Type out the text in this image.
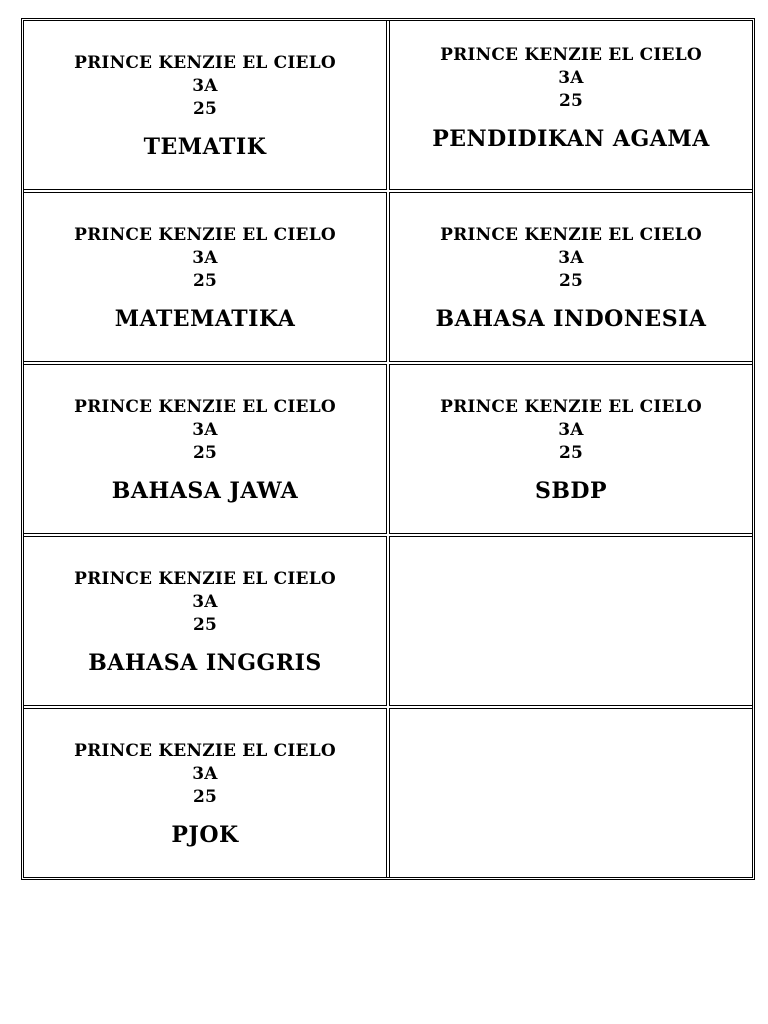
PRINCE KENZIE EL CIELO
3A
25
TEMATIK
PRINCE KENZIE EL CIELO
3A
25
PENDIDIKAN AGAMA
PRINCE KENZIE EL CIELO
3A
25
MATEMATIKA
PRINCE KENZIE EL CIELO
3A
25
BAHASA INDONESIA
PRINCE KENZIE EL CIELO
3A
25
BAHASA JAWA
PRINCE KENZIE EL CIELO
3A
25
SBDP
PRINCE KENZIE EL CIELO
3A
25
BAHASA INGGRIS
PRINCE KENZIE EL CIELO
3A
25
PJOK
